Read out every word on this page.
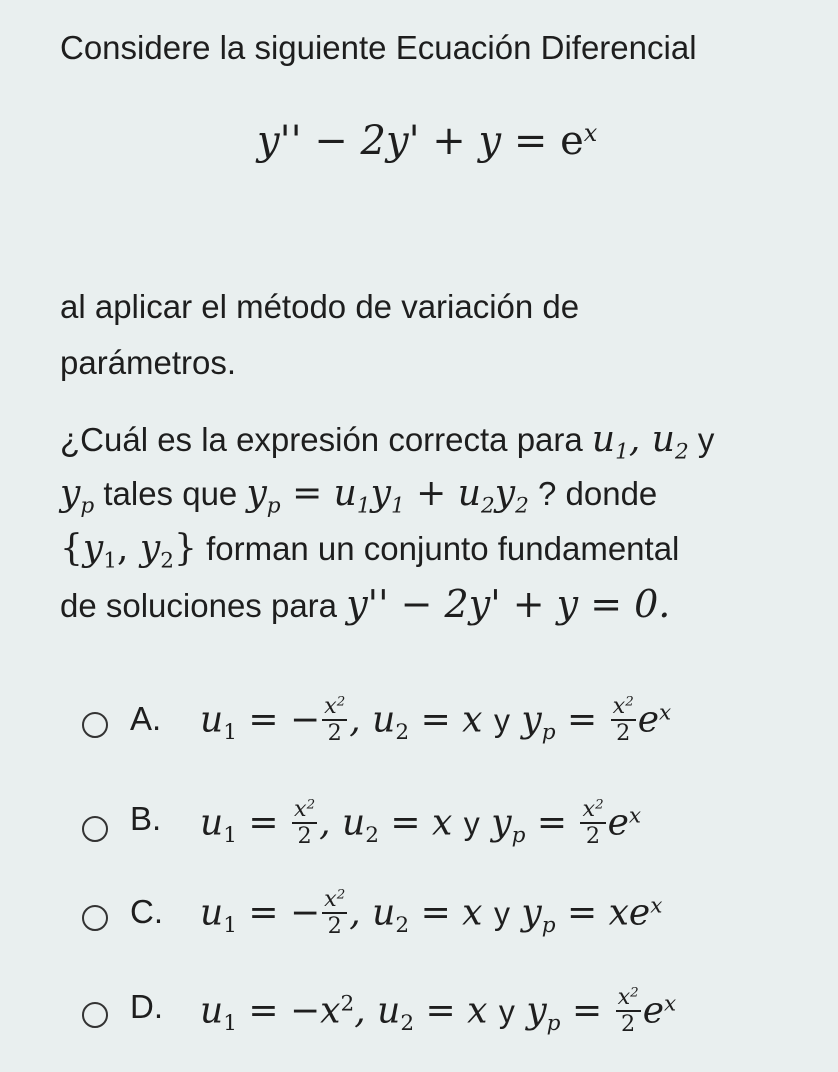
Considere la siguiente Ecuación Diferencial
$y'' - 2y' + y = e^x$
al aplicar el método de variación de
parámetros.
¿Cuál es la expresión correcta para $u_1$, $u_2$ y
$y_p$ tales que $y_p = u_1y_1 + u_2y_2$ ? donde
{$y_1$, $y_2$} forman un conjunto fundamental
de soluciones para y'' − 2y' + y = 0.
A. $u_1$ = − $\frac{x^2}{2}$ , $u_2 = x$ y $y_p = \frac{x^2}{2} e^x$
B. $u_1 = \frac{x^2}{2}$ , $u_2 = x$ y $y_p = \frac{x^2}{2} e^x$
C. $u_1$ = − $\frac{x^2}{2}$ , $u_2 = x$ y $y_p = xe^x$
D. $u_1 = -x^2$, $u_2 = x$ y $y_p = \frac{x^2}{2} e^x$
